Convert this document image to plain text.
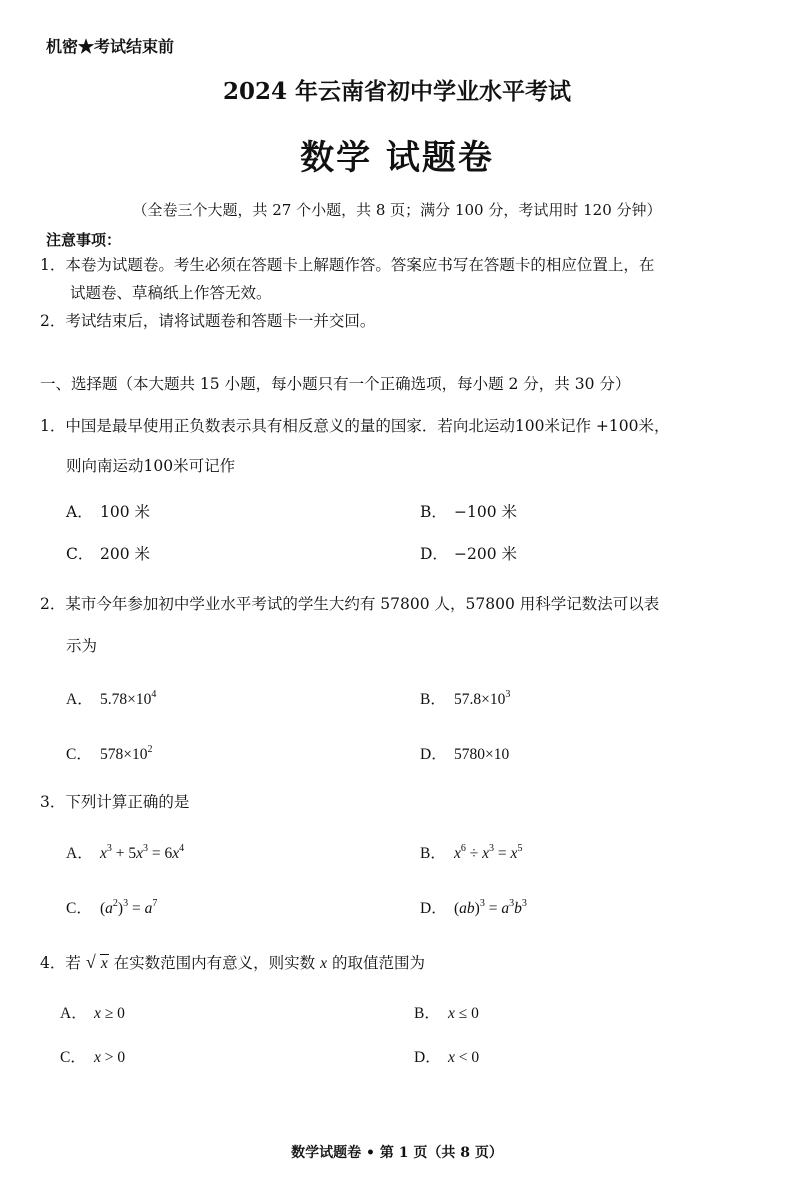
机密★考试结束前
2024 年云南省初中学业水平考试
数学 试题卷
（全卷三个大题，共 27 个小题，共 8 页；满分 100 分，考试用时 120 分钟）
注意事项：
1．本卷为试题卷。考生必须在答题卡上解题作答。答案应书写在答题卡的相应位置上，在
试题卷、草稿纸上作答无效。
2．考试结束后，请将试题卷和答题卡一并交回。
一、选择题（本大题共 15 小题，每小题只有一个正确选项，每小题 2 分，共 30 分）
1．中国是最早使用正负数表示具有相反意义的量的国家．若向北运动100米记作 +100米，
则向南运动100米可记作
A． 100 米	B． −100 米
C． 200 米	D． −200 米
2．某市今年参加初中学业水平考试的学生大约有 57800 人，57800 用科学记数法可以表
示为
A． $5.78\times 10^4$	B． $57.8\times 10^3$
C． $578\times 10^2$	D． 5780×10
3．下列计算正确的是
A． $x^3 + 5x^3 = 6x^4$	B． $x^6 \div x^3 = x^5$
C． $(a^2)^3 = a^7$	D． $(ab)^3 = a^3b^3$
4．若 √ x 在实数范围内有意义，则实数 x 的取值范围为
A． x ≥ 0	B． x ≤ 0
C． x > 0	D． x < 0
数学试题卷 • 第 1 页（共 8 页）
